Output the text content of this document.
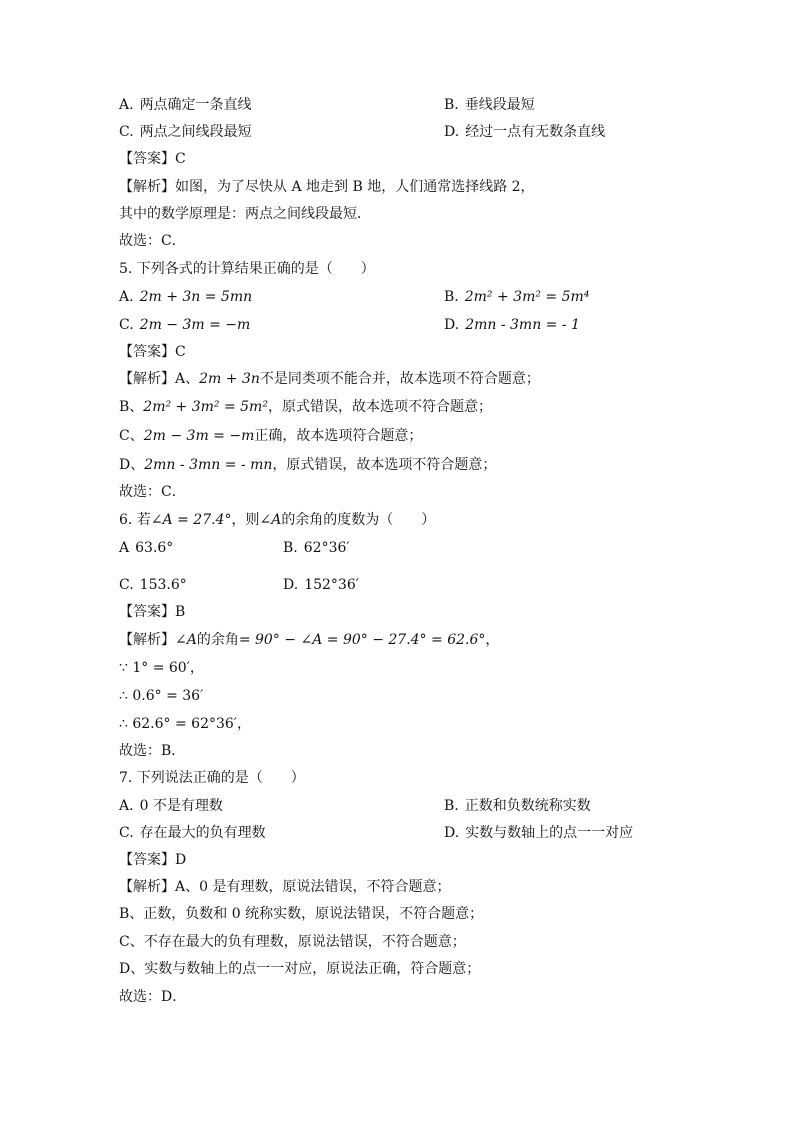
A. 两点确定一条直线	B. 垂线段最短
C. 两点之间线段最短	D. 经过一点有无数条直线
【答案】C
【解析】如图，为了尽快从 A 地走到 B 地，人们通常选择线路 2，
其中的数学原理是：两点之间线段最短．
故选：C．
5. 下列各式的计算结果正确的是（　　）
A. 2m + 3n = 5mn	B. 2m² + 3m² = 5m⁴
C. 2m − 3m = −m	D. 2mn - 3mn = - 1
【答案】C
【解析】A、2m + 3n不是同类项不能合并，故本选项不符合题意；
B、2m² + 3m² = 5m²，原式错误，故本选项不符合题意；
C、2m − 3m = −m正确，故本选项符合题意；
D、2mn - 3mn = - mn，原式错误，故本选项不符合题意；
故选：C．
6. 若∠A = 27.4°，则∠A的余角的度数为（　　）
A 63.6°	B. 62°36′
C. 153.6°	D. 152°36′
【答案】B
【解析】∠A的余角= 90° − ∠A = 90° − 27.4° = 62.6°，
∵ 1° = 60′，
∴ 0.6° = 36′
∴ 62.6° = 62°36′，
故选：B．
7. 下列说法正确的是（　　）
A. 0 不是有理数	B. 正数和负数统称实数
C. 存在最大的负有理数	D. 实数与数轴上的点一一对应
【答案】D
【解析】A、0 是有理数，原说法错误，不符合题意；
B、正数，负数和 0 统称实数，原说法错误，不符合题意；
C、不存在最大的负有理数，原说法错误，不符合题意；
D、实数与数轴上的点一一对应，原说法正确，符合题意；
故选：D．
